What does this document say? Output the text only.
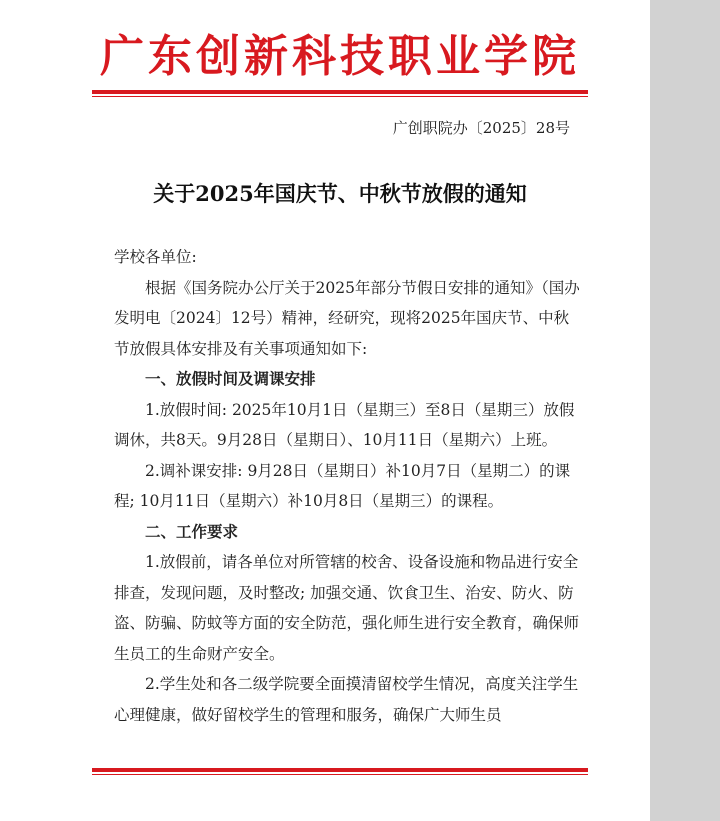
广东创新科技职业学院
广创职院办〔2025〕28号
关于2025年国庆节、中秋节放假的通知

学校各单位:

根据《国务院办公厅关于2025年部分节假日安排的通知》（国办发明电〔2024〕12号）精神，经研究，现将2025年国庆节、中秋节放假具体安排及有关事项通知如下:

一、放假时间及调课安排

1.放假时间: 2025年10月1日（星期三）至8日（星期三）放假调休，共8天。9月28日（星期日）、10月11日（星期六）上班。

2.调补课安排: 9月28日（星期日）补10月7日（星期二）的课程; 10月11日（星期六）补10月8日（星期三）的课程。

二、工作要求

1.放假前，请各单位对所管辖的校舍、设备设施和物品进行安全排查，发现问题，及时整改; 加强交通、饮食卫生、治安、防火、防盗、防骗、防蚊等方面的安全防范，强化师生进行安全教育，确保师生员工的生命财产安全。

2.学生处和各二级学院要全面摸清留校学生情况，高度关注学生心理健康，做好留校学生的管理和服务，确保广大师生员
